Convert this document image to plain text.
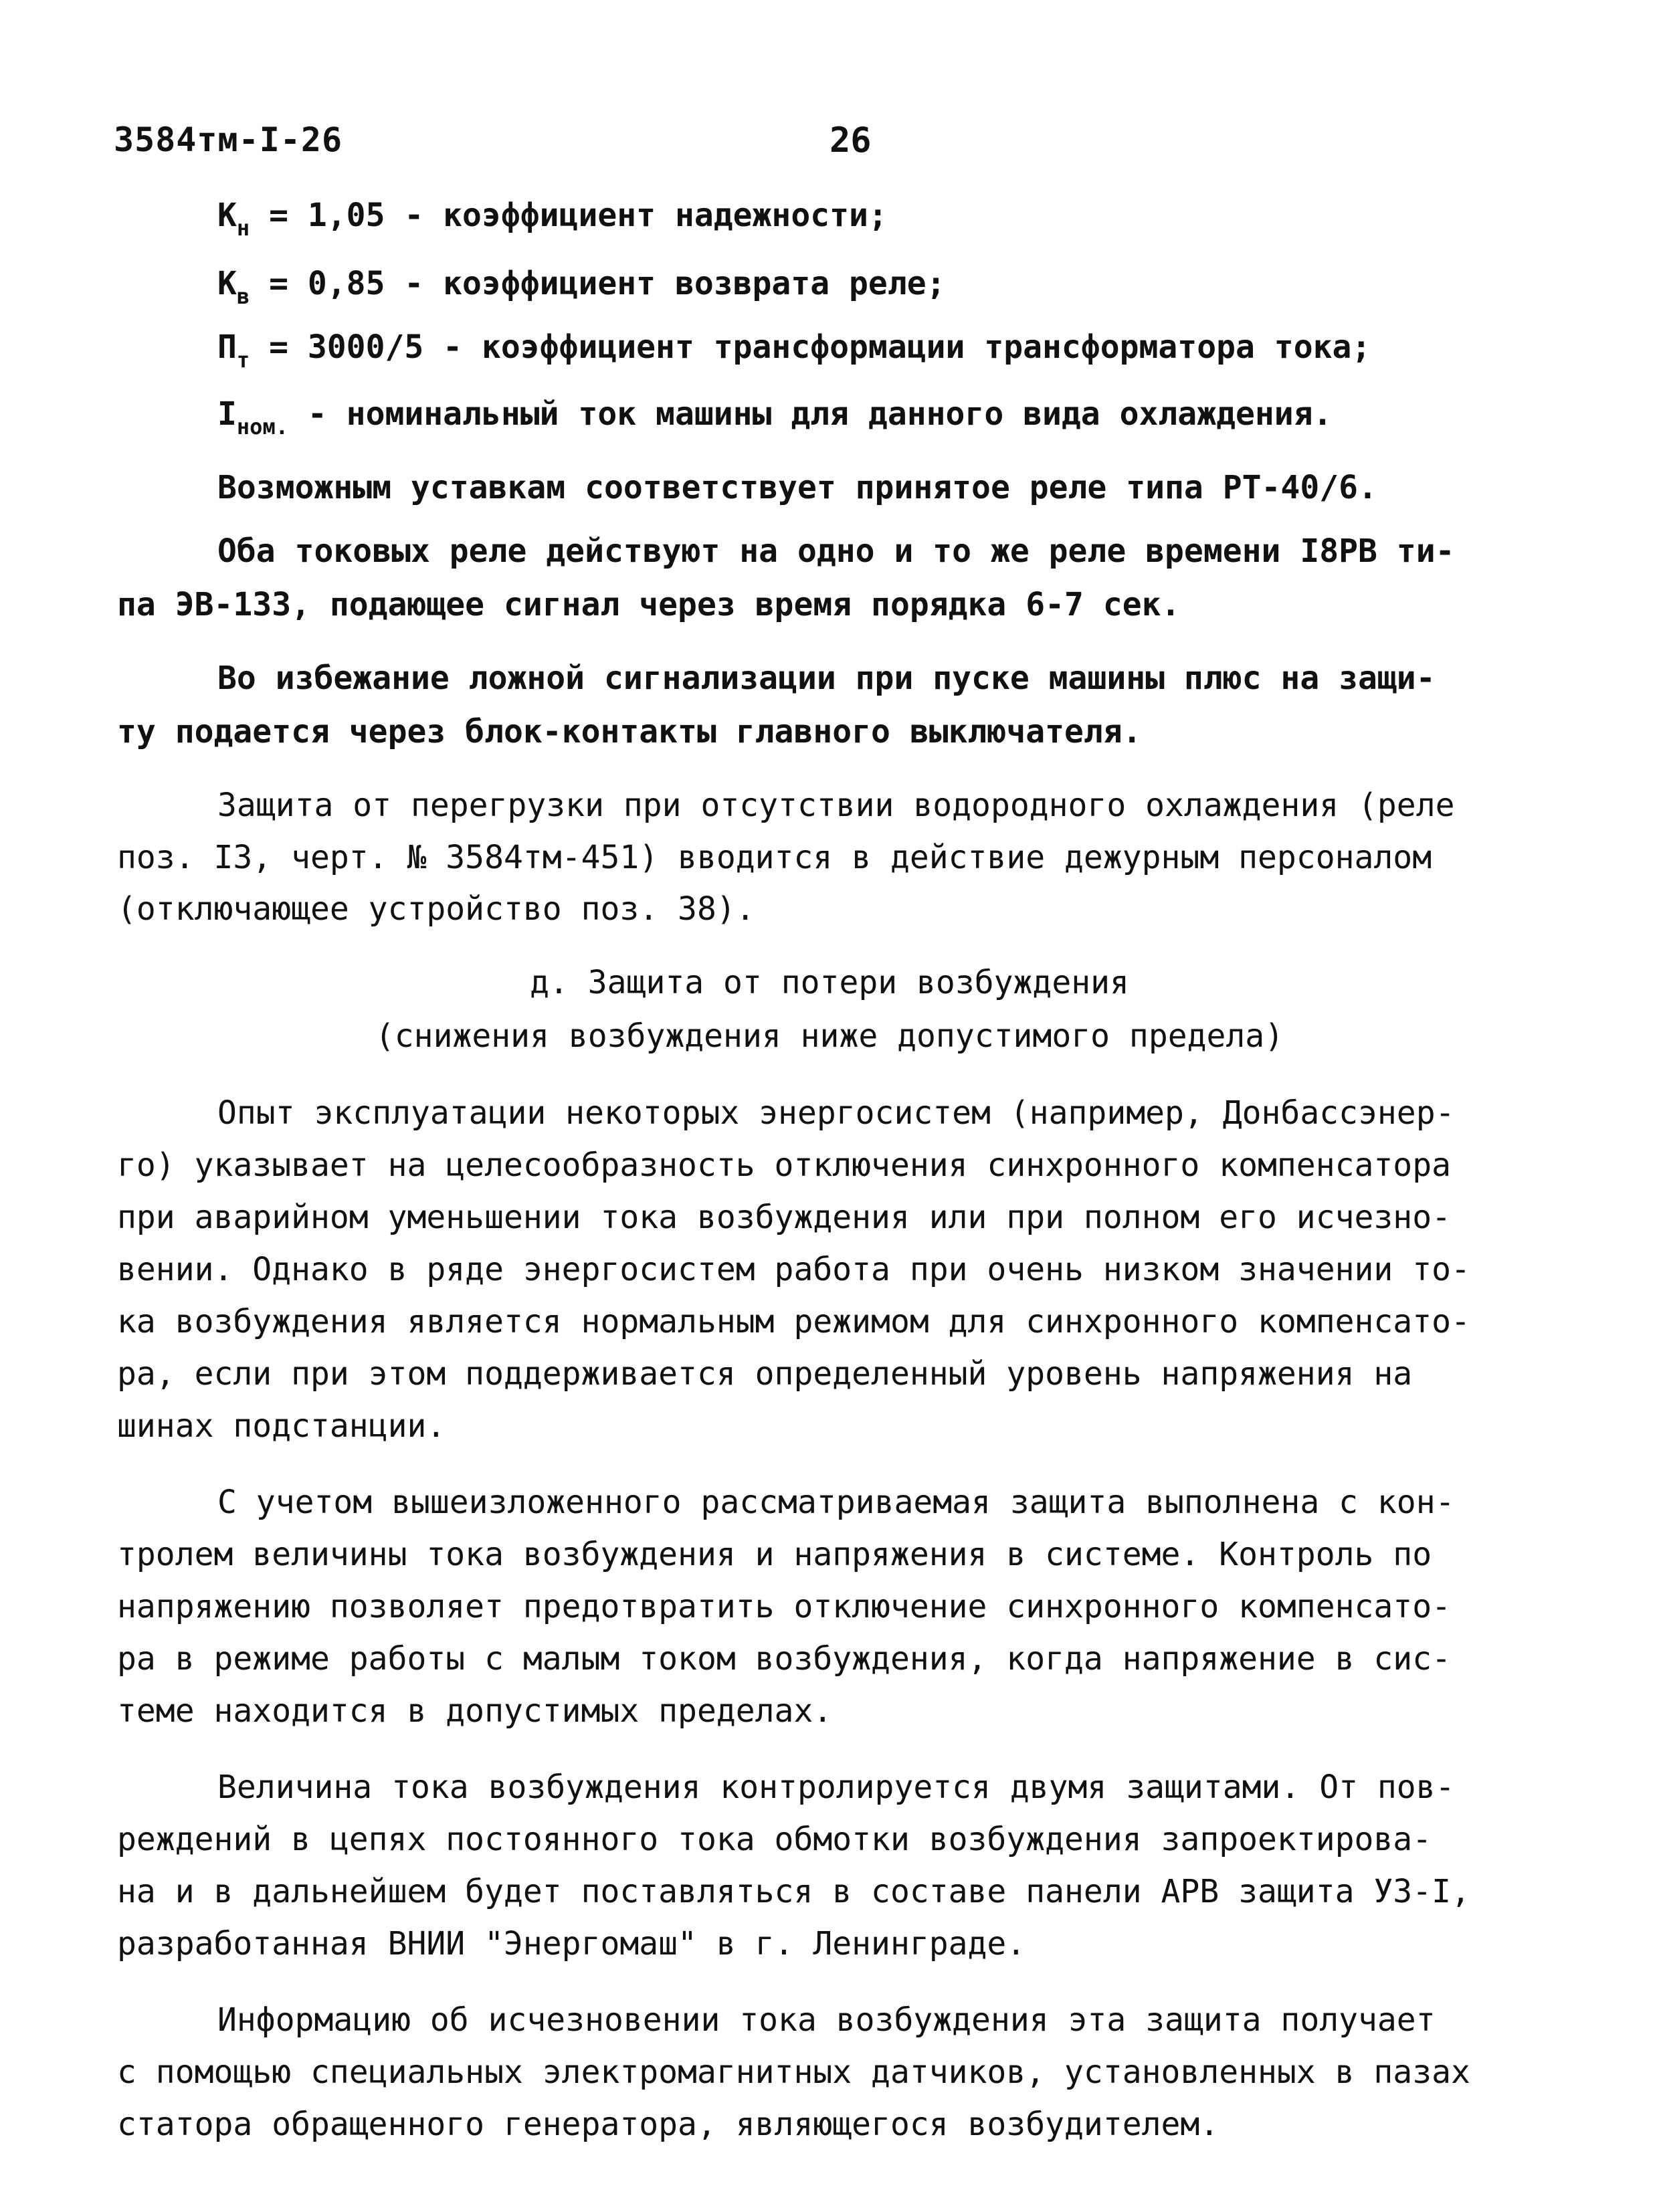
3584тм-I-26	26
$К_н = 1,05$ - коэффициент надежности;
$К_в = 0,85$ - коэффициент возврата реле;
$П_т = 3000/5$ - коэффициент трансформации трансформатора тока;
$I_{ном.}$ - номинальный ток машины для данного вида охлаждения.
Возможным уставкам соответствует принятое реле типа РТ-40/6.
Оба токовых реле действуют на одно и то же реле времени I8РВ ти-
па ЭВ-133, подающее сигнал через время порядка 6-7 сек.
Во избежание ложной сигнализации при пуске машины плюс на защи-
ту подается через блок-контакты главного выключателя.
Защита от перегрузки при отсутствии водородного охлаждения (реле
поз. I3, черт. № 3584тм-451) вводится в действие дежурным персоналом
(отключающее устройство поз. 38).
д. Защита от потери возбуждения
(снижения возбуждения ниже допустимого предела)
Опыт эксплуатации некоторых энергосистем (например, Донбассэнер-
го) указывает на целесообразность отключения синхронного компенсатора
при аварийном уменьшении тока возбуждения или при полном его исчезно-
вении. Однако в ряде энергосистем работа при очень низком значении то-
ка возбуждения является нормальным режимом для синхронного компенсато-
ра, если при этом поддерживается определенный уровень напряжения на
шинах подстанции.
С учетом вышеизложенного рассматриваемая защита выполнена с кон-
тролем величины тока возбуждения и напряжения в системе. Контроль по
напряжению позволяет предотвратить отключение синхронного компенсато-
ра в режиме работы с малым током возбуждения, когда напряжение в сис-
теме находится в допустимых пределах.
Величина тока возбуждения контролируется двумя защитами. От пов-
реждений в цепях постоянного тока обмотки возбуждения запроектирова-
на и в дальнейшем будет поставляться в составе панели АРВ защита УЗ-I,
разработанная ВНИИ "Энергомаш" в г. Ленинграде.
Информацию об исчезновении тока возбуждения эта защита получает
с помощью специальных электромагнитных датчиков, установленных в пазах
статора обращенного генератора, являющегося возбудителем.
